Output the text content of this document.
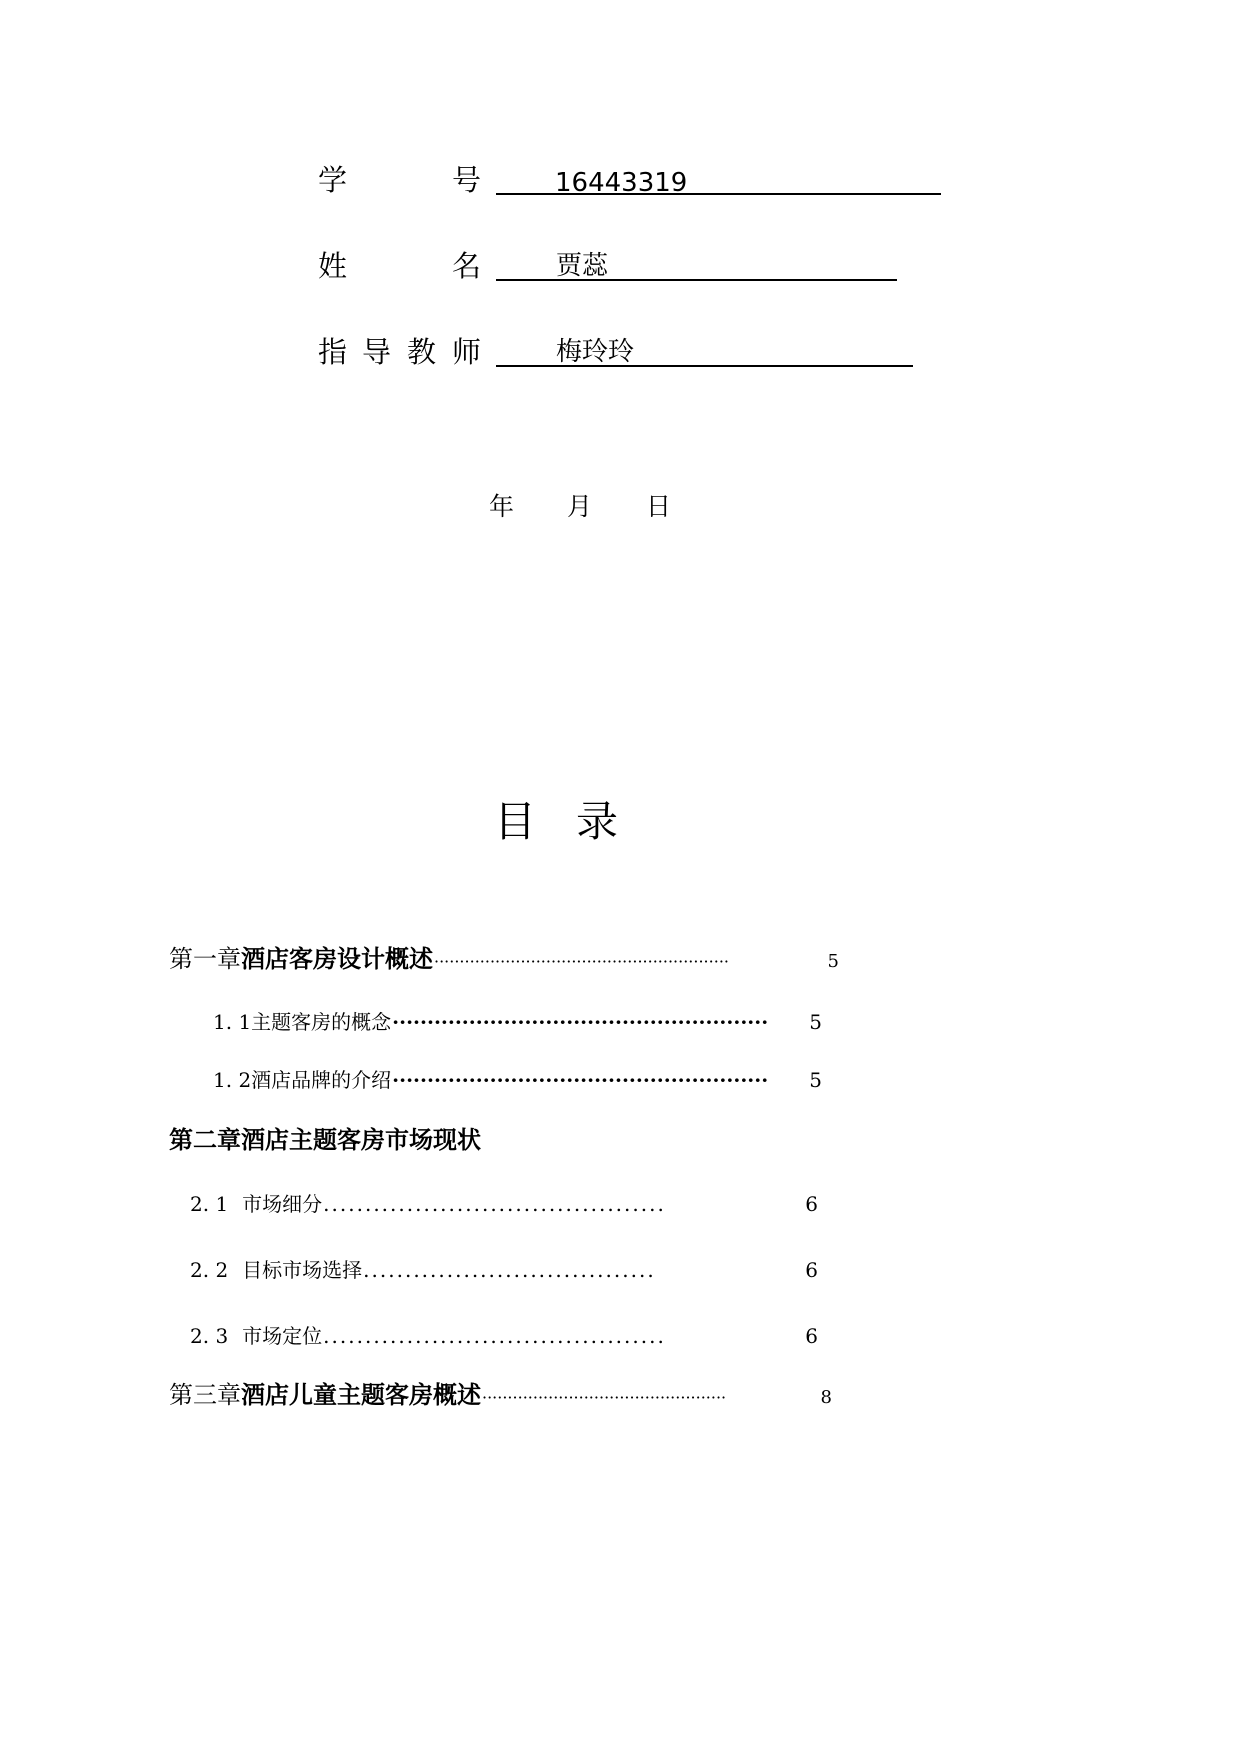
学	号	16443319
姓	名	贾蕊
指 导 教 师	梅玲玲
年 月 日
目 录
第一章 酒店客房设计概述 ··························································	5
1. 1 主题客房的概念 ······················································	5
1. 2 酒店品牌的介绍 ······················································	5
第二章 酒店主题客房市场现状
2. 1 市场细分 .........................................	6
2. 2 目标市场选择 ...................................	6
2. 3 市场定位 .........................................	6
第三章 酒店儿童主题客房概述 ················································	8
